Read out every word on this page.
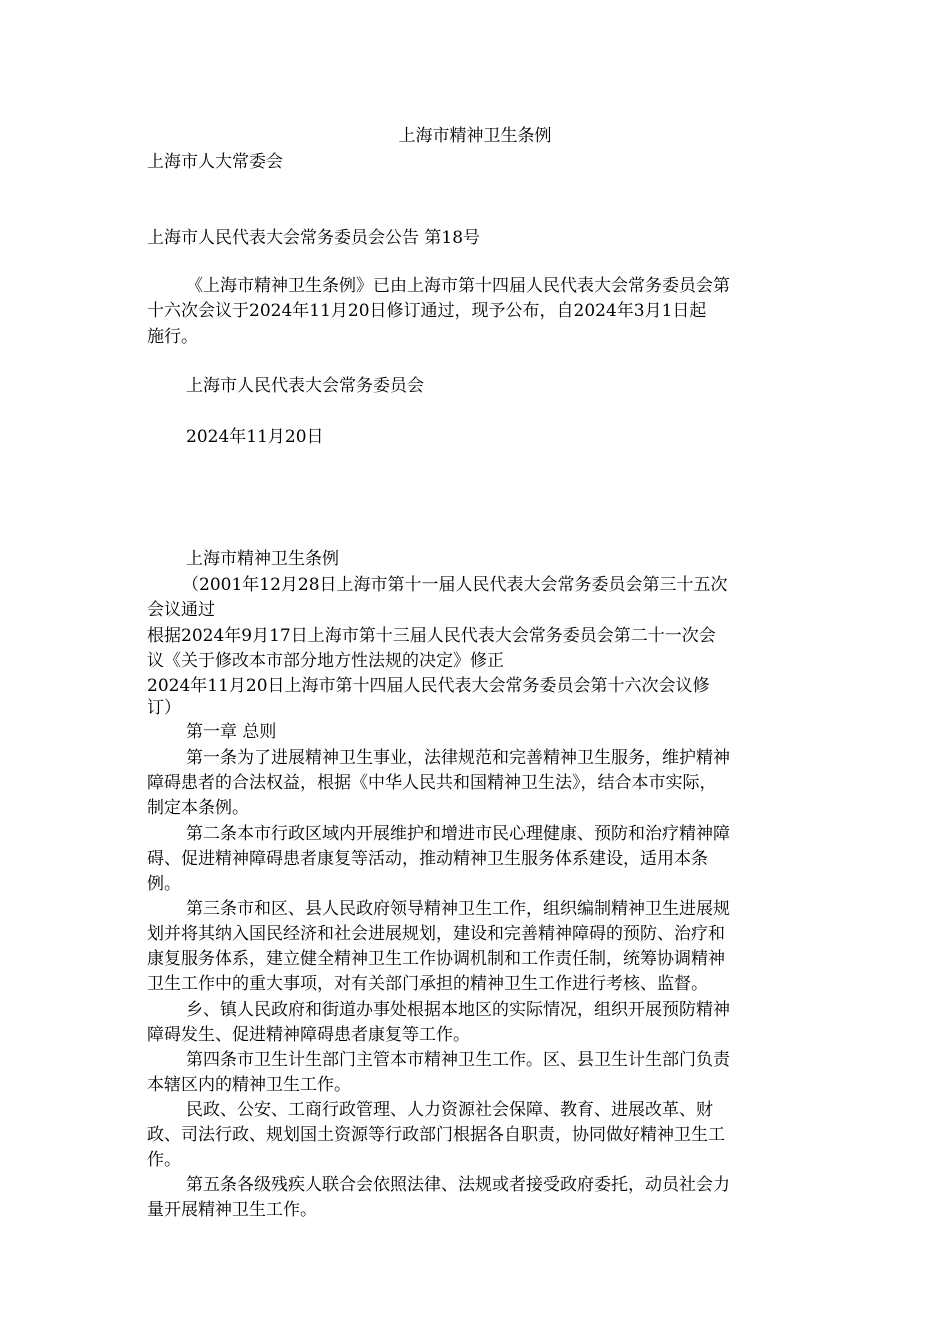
上海市精神卫生条例

上海市人大常委会

上海市人民代表大会常务委员会公告 第18号

《上海市精神卫生条例》已由上海市第十四届人民代表大会常务委员会第

十六次会议于2024年11月20日修订通过，现予公布，自2024年3月1日起

施行。

上海市人民代表大会常务委员会

2024年11月20日

上海市精神卫生条例

（2001年12月28日上海市第十一届人民代表大会常务委员会第三十五次

会议通过

根据2024年9月17日上海市第十三届人民代表大会常务委员会第二十一次会

议《关于修改本市部分地方性法规的决定》修正

2024年11月20日上海市第十四届人民代表大会常务委员会第十六次会议修

订）

第一章 总则

第一条为了进展精神卫生事业，法律规范和完善精神卫生服务，维护精神

障碍患者的合法权益，根据《中华人民共和国精神卫生法》，结合本市实际，

制定本条例。

第二条本市行政区域内开展维护和增进市民心理健康、预防和治疗精神障

碍、促进精神障碍患者康复等活动，推动精神卫生服务体系建设，适用本条

例。

第三条市和区、县人民政府领导精神卫生工作，组织编制精神卫生进展规

划并将其纳入国民经济和社会进展规划，建设和完善精神障碍的预防、治疗和

康复服务体系，建立健全精神卫生工作协调机制和工作责任制，统筹协调精神

卫生工作中的重大事项，对有关部门承担的精神卫生工作进行考核、监督。

乡、镇人民政府和街道办事处根据本地区的实际情况，组织开展预防精神

障碍发生、促进精神障碍患者康复等工作。

第四条市卫生计生部门主管本市精神卫生工作。区、县卫生计生部门负责

本辖区内的精神卫生工作。

民政、公安、工商行政管理、人力资源社会保障、教育、进展改革、财

政、司法行政、规划国土资源等行政部门根据各自职责，协同做好精神卫生工

作。

第五条各级残疾人联合会依照法律、法规或者接受政府委托，动员社会力

量开展精神卫生工作。
